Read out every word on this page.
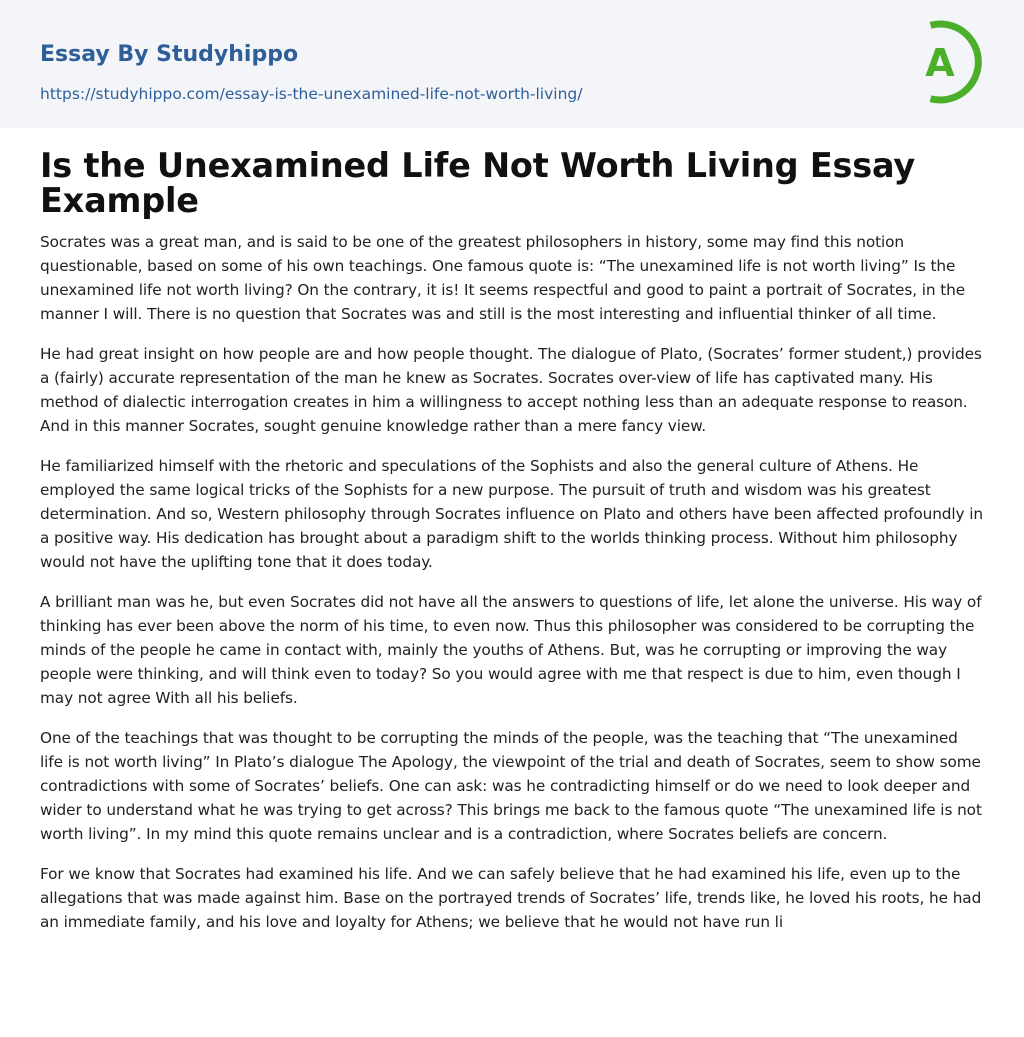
Essay By Studyhippo
https://studyhippo.com/essay-is-the-unexamined-life-not-worth-living/
A
Is the Unexamined Life Not Worth Living Essay Example

Socrates was a great man, and is said to be one of the greatest philosophers in history, some may find this notion questionable, based on some of his own teachings. One famous quote is: “The unexamined life is not worth living” Is the unexamined life not worth living? On the contrary, it is! It seems respectful and good to paint a portrait of Socrates, in the manner I will. There is no question that Socrates was and still is the most interesting and influential thinker of all time.

He had great insight on how people are and how people thought. The dialogue of Plato, (Socrates’ former student,) provides a (fairly) accurate representation of the man he knew as Socrates. Socrates over-view of life has captivated many. His method of dialectic interrogation creates in him a willingness to accept nothing less than an adequate response to reason. And in this manner Socrates, sought genuine knowledge rather than a mere fancy view.

He familiarized himself with the rhetoric and speculations of the Sophists and also the general culture of Athens. He employed the same logical tricks of the Sophists for a new purpose. The pursuit of truth and wisdom was his greatest determination. And so, Western philosophy through Socrates influence on Plato and others have been affected profoundly in a positive way. His dedication has brought about a paradigm shift to the worlds thinking process. Without him philosophy would not have the uplifting tone that it does today.

A brilliant man was he, but even Socrates did not have all the answers to questions of life, let alone the universe. His way of thinking has ever been above the norm of his time, to even now. Thus this philosopher was considered to be corrupting the minds of the people he came in contact with, mainly the youths of Athens. But, was he corrupting or improving the way people were thinking, and will think even to today? So you would agree with me that respect is due to him, even though I may not agree With all his beliefs.

One of the teachings that was thought to be corrupting the minds of the people, was the teaching that “The unexamined life is not worth living” In Plato’s dialogue The Apology, the viewpoint of the trial and death of Socrates, seem to show some contradictions with some of Socrates’ beliefs. One can ask: was he contradicting himself or do we need to look deeper and wider to understand what he was trying to get across? This brings me back to the famous quote “The unexamined life is not worth living”. In my mind this quote remains unclear and is a contradiction, where Socrates beliefs are concern.

For we know that Socrates had examined his life. And we can safely believe that he had examined his life, even up to the allegations that was made against him. Base on the portrayed trends of Socrates’ life, trends like, he loved his roots, he had an immediate family, and his love and loyalty for Athens; we believe that he would not have run li
